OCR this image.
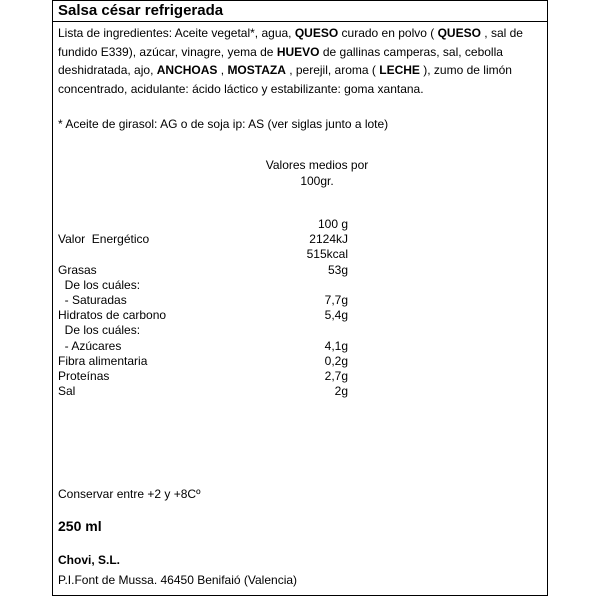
Salsa césar refrigerada
Lista de ingredientes: Aceite vegetal*, agua, QUESO curado en polvo ( QUESO , sal de fundido E339), azúcar, vinagre, yema de HUEVO de gallinas camperas, sal, cebolla deshidratada, ajo, ANCHOAS , MOSTAZA , perejil, aroma ( LECHE ), zumo de limón concentrado, acidulante: ácido láctico y estabilizante: goma xantana.
* Aceite de girasol: AG o de soja ip: AS (ver siglas junto a lote)
Valores medios por
100gr.
100 g
Valor  Energético	2124kJ
515kcal
Grasas	53g
De los cuáles:
- Saturadas	7,7g
Hidratos de carbono	5,4g
De los cuáles:
- Azúcares	4,1g
Fibra alimentaria	0,2g
Proteínas	2,7g
Sal	2g
Conservar entre +2 y +8Cº
250 ml
Chovi, S.L.
P.I.Font de Mussa. 46450 Benifaió (Valencia)
